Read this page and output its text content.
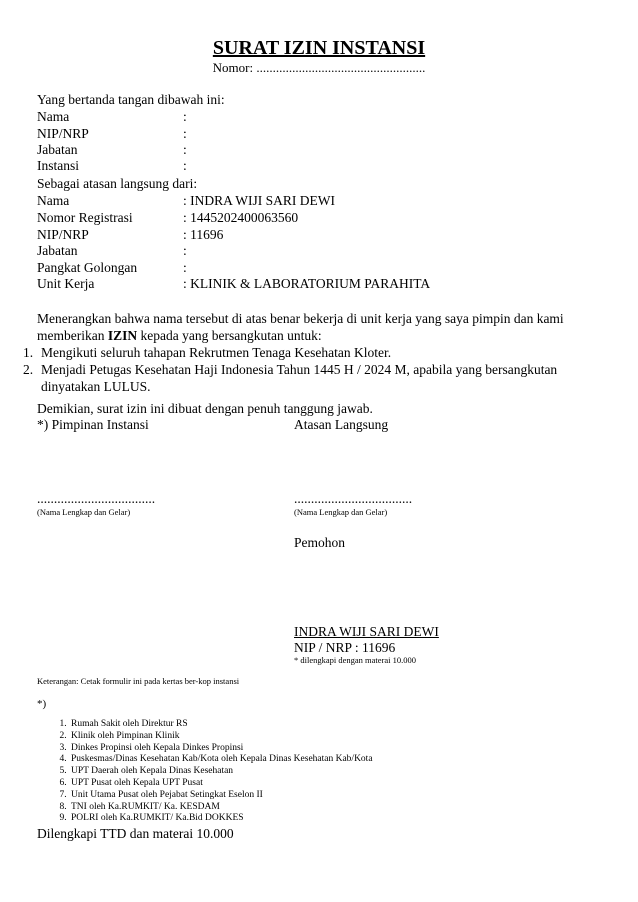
SURAT IZIN INSTANSI
Nomor: ....................................................
Yang bertanda tangan dibawah ini:
Nama	:
NIP/NRP	:
Jabatan	:
Instansi	:
Sebagai atasan langsung dari:
Nama	: INDRA WIJI SARI DEWI
Nomor Registrasi	: 1445202400063560
NIP/NRP	: 11696
Jabatan	:
Pangkat Golongan	:
Unit Kerja	: KLINIK & LABORATORIUM PARAHITA
Menerangkan bahwa nama tersebut di atas benar bekerja di unit kerja yang saya pimpin dan kami
memberikan IZIN kepada yang bersangkutan untuk:
1. Mengikuti seluruh tahapan Rekrutmen Tenaga Kesehatan Kloter.
2. Menjadi Petugas Kesehatan Haji Indonesia Tahun 1445 H / 2024 M, apabila yang bersangkutan dinyatakan LULUS.
Demikian, surat izin ini dibuat dengan penuh tanggung jawab.
*) Pimpinan Instansi	Atasan Langsung
...................................	...................................
(Nama Lengkap dan Gelar)	(Nama Lengkap dan Gelar)
Pemohon
INDRA WIJI SARI DEWI
NIP / NRP : 11696
* dilengkapi dengan materai 10.000
Keterangan: Cetak formulir ini pada kertas ber-kop instansi
*)
1. Rumah Sakit oleh Direktur RS
2. Klinik oleh Pimpinan Klinik
3. Dinkes Propinsi oleh Kepala Dinkes Propinsi
4. Puskesmas/Dinas Kesehatan Kab/Kota oleh Kepala Dinas Kesehatan Kab/Kota
5. UPT Daerah oleh Kepala Dinas Kesehatan
6. UPT Pusat oleh Kepala UPT Pusat
7. Unit Utama Pusat oleh Pejabat Setingkat Eselon II
8. TNI oleh Ka.RUMKIT/ Ka. KESDAM
9. POLRI oleh Ka.RUMKIT/ Ka.Bid DOKKES
Dilengkapi TTD dan materai 10.000
